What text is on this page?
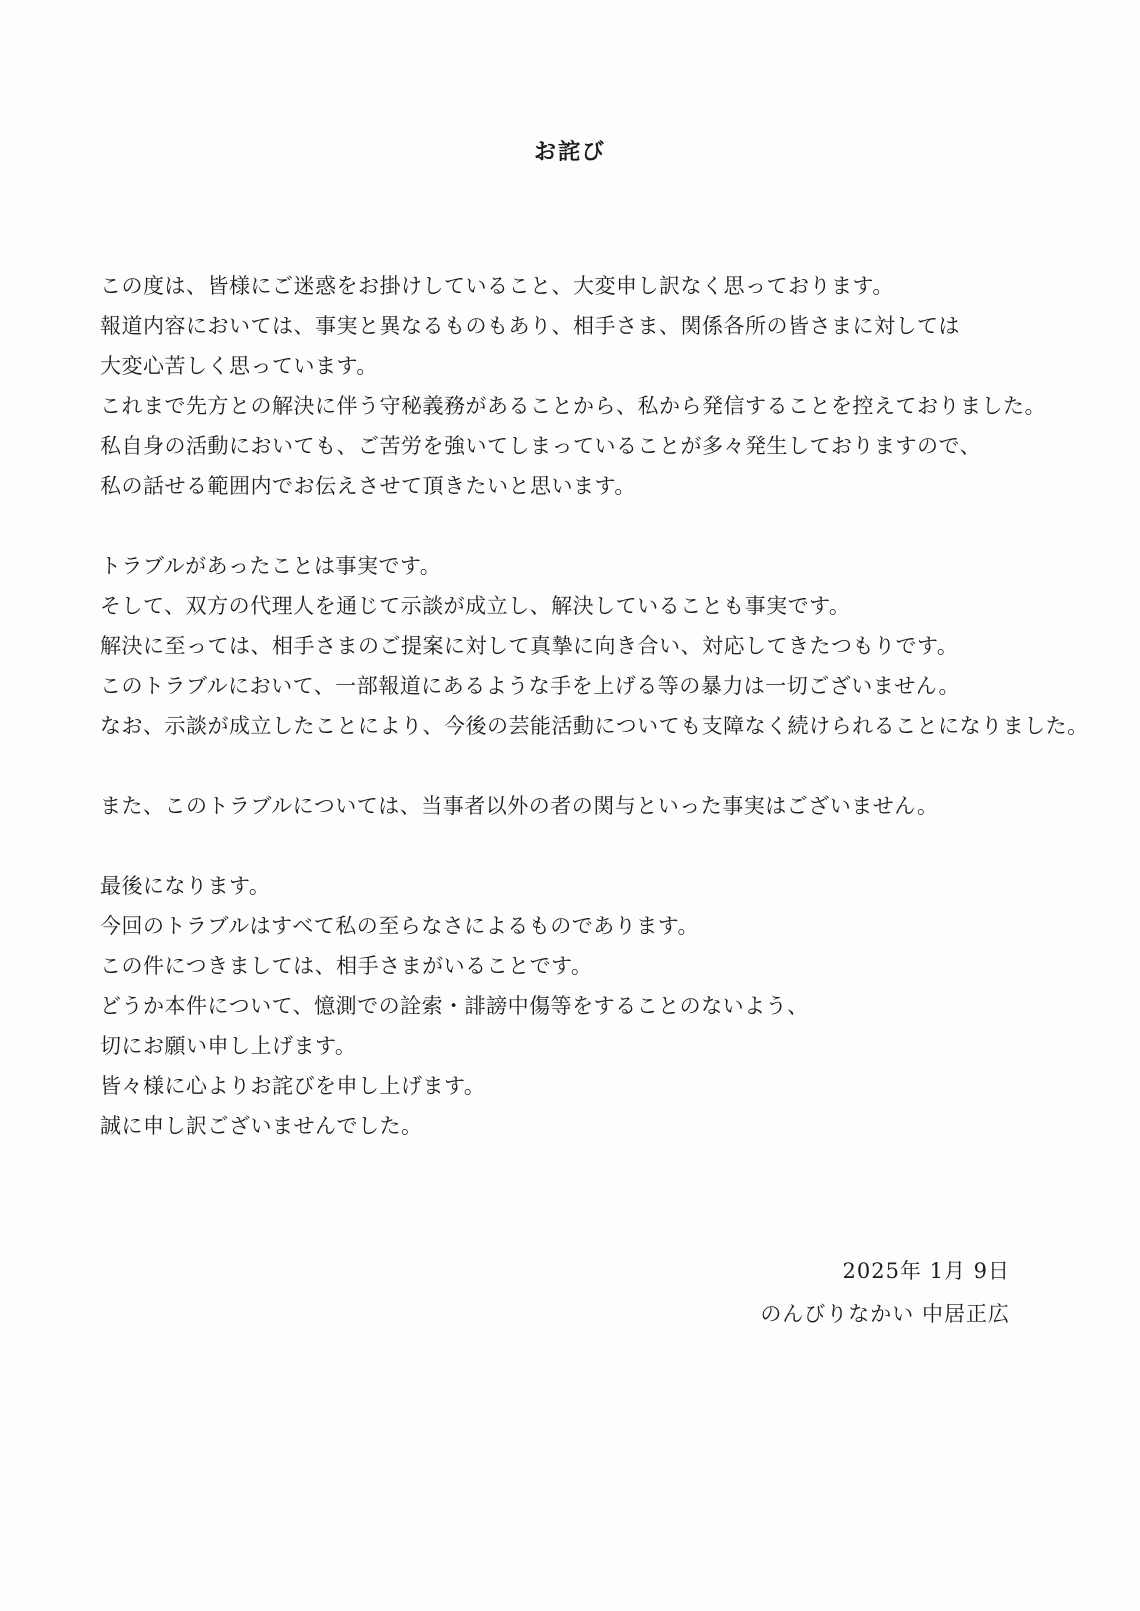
お詫び
この度は、皆様にご迷惑をお掛けしていること、大変申し訳なく思っております。
報道内容においては、事実と異なるものもあり、相手さま、関係各所の皆さまに対しては
大変心苦しく思っています。
これまで先方との解決に伴う守秘義務があることから、私から発信することを控えておりました。
私自身の活動においても、ご苦労を強いてしまっていることが多々発生しておりますので、
私の話せる範囲内でお伝えさせて頂きたいと思います。
トラブルがあったことは事実です。
そして、双方の代理人を通じて示談が成立し、解決していることも事実です。
解決に至っては、相手さまのご提案に対して真摯に向き合い、対応してきたつもりです。
このトラブルにおいて、一部報道にあるような手を上げる等の暴力は一切ございません。
なお、示談が成立したことにより、今後の芸能活動についても支障なく続けられることになりました。
また、このトラブルについては、当事者以外の者の関与といった事実はございません。
最後になります。
今回のトラブルはすべて私の至らなさによるものであります。
この件につきましては、相手さまがいることです。
どうか本件について、憶測での詮索・誹謗中傷等をすることのないよう、
切にお願い申し上げます。
皆々様に心よりお詫びを申し上げます。
誠に申し訳ございませんでした。
2025年 1月 9日
のんびりなかい 中居正広
